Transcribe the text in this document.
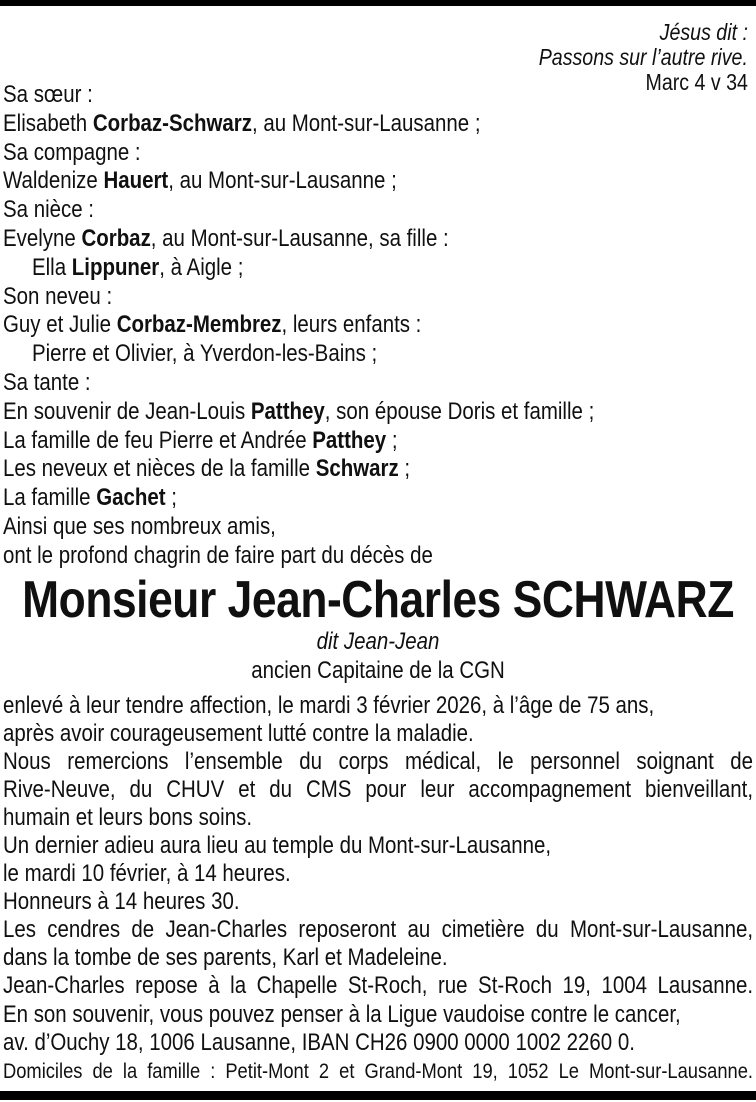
Jésus dit :
Passons sur l’autre rive.
Marc 4 v 34
Sa sœur :
Elisabeth Corbaz-Schwarz, au Mont-sur-Lausanne ;
Sa compagne :
Waldenize Hauert, au Mont-sur-Lausanne ;
Sa nièce :
Evelyne Corbaz, au Mont-sur-Lausanne, sa fille :
Ella Lippuner, à Aigle ;
Son neveu :
Guy et Julie Corbaz-Membrez, leurs enfants :
Pierre et Olivier, à Yverdon-les-Bains ;
Sa tante :
En souvenir de Jean-Louis Patthey, son épouse Doris et famille ;
La famille de feu Pierre et Andrée Patthey ;
Les neveux et nièces de la famille Schwarz ;
La famille Gachet ;
Ainsi que ses nombreux amis,
ont le profond chagrin de faire part du décès de
Monsieur Jean-Charles SCHWARZ
dit Jean-Jean
ancien Capitaine de la CGN
enlevé à leur tendre affection, le mardi 3 février 2026, à l’âge de 75 ans,
après avoir courageusement lutté contre la maladie.
Nous remercions l’ensemble du corps médical, le personnel soignant de
Rive-Neuve, du CHUV et du CMS pour leur accompagnement bienveillant,
humain et leurs bons soins.
Un dernier adieu aura lieu au temple du Mont-sur-Lausanne,
le mardi 10 février, à 14 heures.
Honneurs à 14 heures 30.
Les cendres de Jean-Charles reposeront au cimetière du Mont-sur-Lausanne,
dans la tombe de ses parents, Karl et Madeleine.
Jean-Charles repose à la Chapelle St-Roch, rue St-Roch 19, 1004 Lausanne.
En son souvenir, vous pouvez penser à la Ligue vaudoise contre le cancer,
av. d’Ouchy 18, 1006 Lausanne, IBAN CH26 0900 0000 1002 2260 0.
Domiciles de la famille : Petit-Mont 2 et Grand-Mont 19, 1052 Le Mont-sur-Lausanne.
